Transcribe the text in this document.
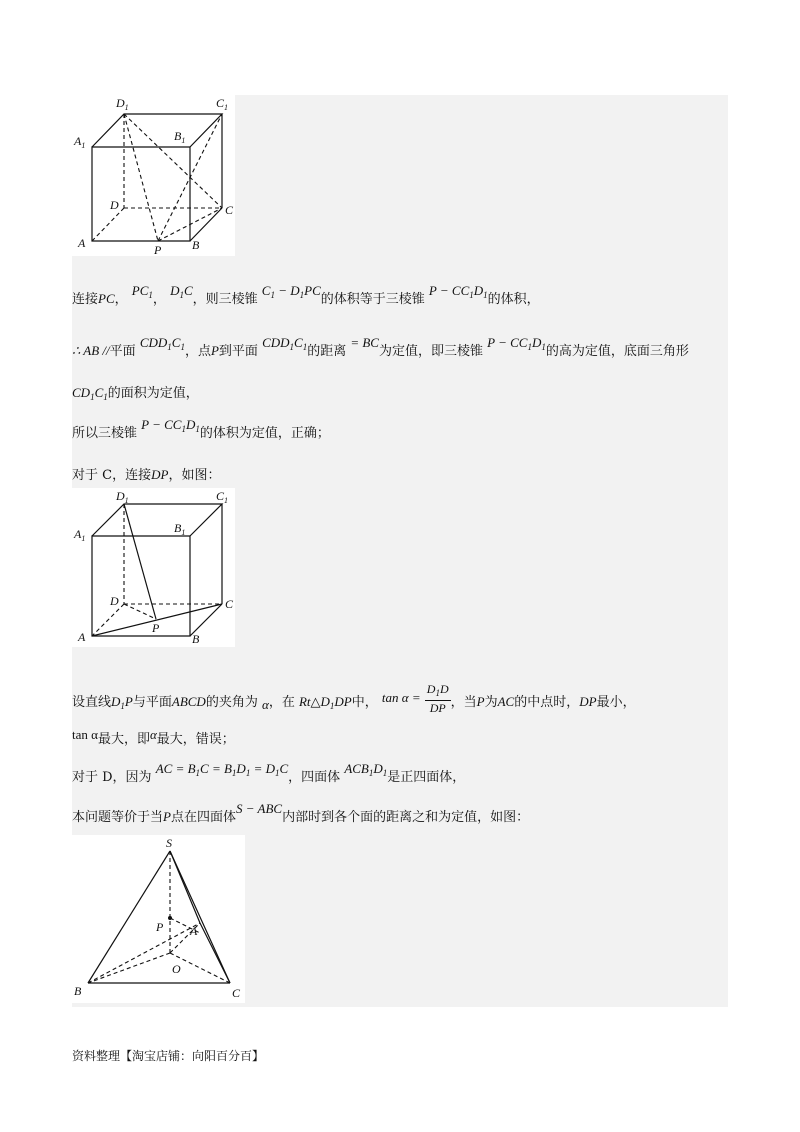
$D_1$	$C_1$
$A_1$
$B_1$
D	C
A	B
P
连接PC， $PC_1$， $D_1C$，则三棱锥 $C_1 - D_1PC$的体积等于三棱锥 $P - CC_1D_1$的体积，
∴ AB //平面 $CDD_1C_1$，点P到平面 $CDD_1C_1$的距离 = BC为定值，即三棱锥 $P - CC_1D_1$的高为定值，底面三角形
$CD_1C_1$的面积为定值，
所以三棱锥 $P - CC_1D_1$的体积为定值，正确；
对于 C，连接DP，如图：
$D_1$	$C_1$
$A_1$
$B_1$
D	C
A	B
P
设直线$D_1P$与平面ABCD的夹角为 α，在 $Rt\triangle D_1DP$中， $\tan \alpha = \frac{D_1D}{DP}$ ，当P为AC的中点时，DP最小，
tan α最大，即α最大，错误；
对于 D，因为 AC = $B_1C = B_1D_1 = D_1C$，四面体 $ACB_1D_1$是正四面体，
本问题等价于当P点在四面体S − ABC内部时到各个面的距离之和为定值，如图：
S
P A
O
B	C
资料整理【淘宝店铺：向阳百分百】
